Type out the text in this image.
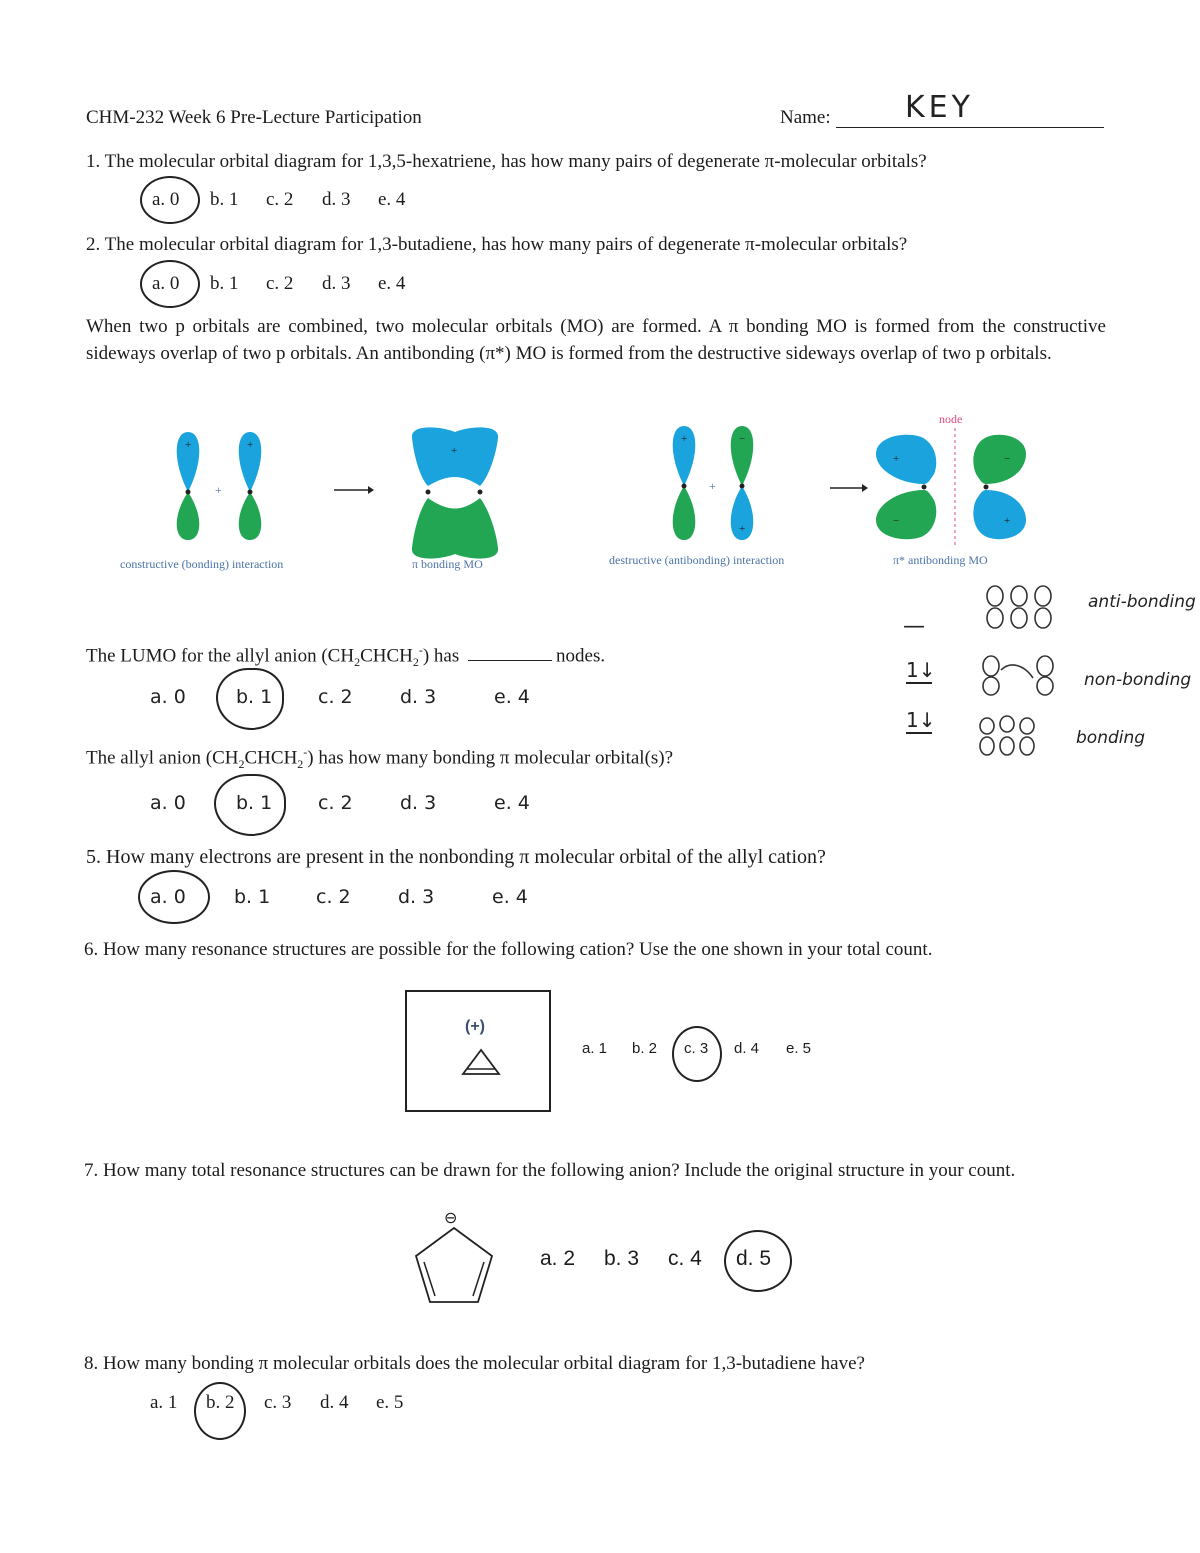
CHM-232 Week 6 Pre-Lecture Participation	Name: KEY
1. The molecular orbital diagram for 1,3,5-hexatriene, has how many pairs of degenerate π-molecular orbitals?
a. 0	b. 1	c. 2	d. 3	e. 4
2. The molecular orbital diagram for 1,3-butadiene, has how many pairs of degenerate π-molecular orbitals?
a. 0	b. 1	c. 2	d. 3	e. 4
When two p orbitals are combined, two molecular orbitals (MO) are formed. A π bonding MO is formed from the constructive sideways overlap of two p orbitals. An antibonding (π*) MO is formed from the destructive sideways overlap of two p orbitals.
+	+
+
+
+	−
+
+
+	−
−	+
node
constructive (bonding) interaction	π bonding MO	destructive (antibonding) interaction	π* antibonding MO
The LUMO for the allyl anion $(CH_2CHCH_2^-)$ has	nodes.
a. 0	b. 1	c. 2	d. 3	e. 4
The allyl anion $(CH_2CHCH_2^-)$ has how many bonding π molecular orbital(s)?
a. 0	b. 1	c. 2	d. 3	e. 4
—
1↓
1↓
anti-bonding
non-bonding
bonding
5. How many electrons are present in the nonbonding π molecular orbital of the allyl cation?
a. 0	b. 1	c. 2	d. 3	e. 4
6. How many resonance structures are possible for the following cation? Use the one shown in your total count.
(+)
a. 1	b. 2	c. 3	d. 4	e. 5
7. How many total resonance structures can be drawn for the following anion? Include the original structure in your count.
⊖
a. 2	b. 3	c. 4	d. 5
8. How many bonding π molecular orbitals does the molecular orbital diagram for 1,3-butadiene have?
a. 1	b. 2	c. 3	d. 4	e. 5
